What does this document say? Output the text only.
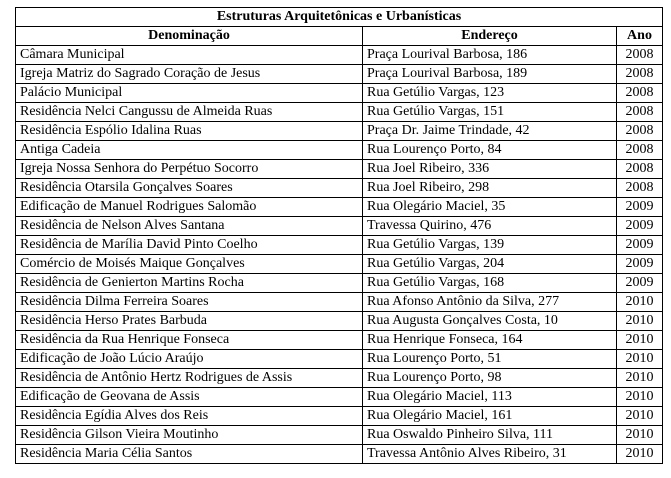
Estruturas Arquitetônicas e Urbanísticas		
Denominação	Endereço	Ano
Câmara Municipal	Praça Lourival Barbosa, 186	2008
Igreja Matriz do Sagrado Coração de Jesus	Praça Lourival Barbosa, 189	2008
Palácio Municipal	Rua Getúlio Vargas, 123	2008
Residência Nelci Cangussu de Almeida Ruas	Rua Getúlio Vargas, 151	2008
Residência Espólio Idalina Ruas	Praça Dr. Jaime Trindade, 42	2008
Antiga Cadeia	Rua Lourenço Porto, 84	2008
Igreja Nossa Senhora do Perpétuo Socorro	Rua Joel Ribeiro, 336	2008
Residência Otarsila Gonçalves Soares	Rua Joel Ribeiro, 298	2008
Edificação de Manuel Rodrigues Salomão	Rua Olegário Maciel, 35	2009
Residência de Nelson Alves Santana	Travessa Quirino, 476	2009
Residência de Marília David Pinto Coelho	Rua Getúlio Vargas, 139	2009
Comércio de Moisés Maique Gonçalves	Rua Getúlio Vargas, 204	2009
Residência de Genierton Martins Rocha	Rua Getúlio Vargas, 168	2009
Residência Dilma Ferreira Soares	Rua Afonso Antônio da Silva, 277	2010
Residência Herso Prates Barbuda	Rua Augusta Gonçalves Costa, 10	2010
Residência da Rua Henrique Fonseca	Rua Henrique Fonseca, 164	2010
Edificação de João Lúcio Araújo	Rua Lourenço Porto, 51	2010
Residência de Antônio Hertz Rodrigues de Assis	Rua Lourenço Porto, 98	2010
Edificação de Geovana de Assis	Rua Olegário Maciel, 113	2010
Residência Egídia Alves dos Reis	Rua Olegário Maciel, 161	2010
Residência Gilson Vieira Moutinho	Rua Oswaldo Pinheiro Silva, 111	2010
Residência Maria Célia Santos	Travessa Antônio Alves Ribeiro, 31	2010
